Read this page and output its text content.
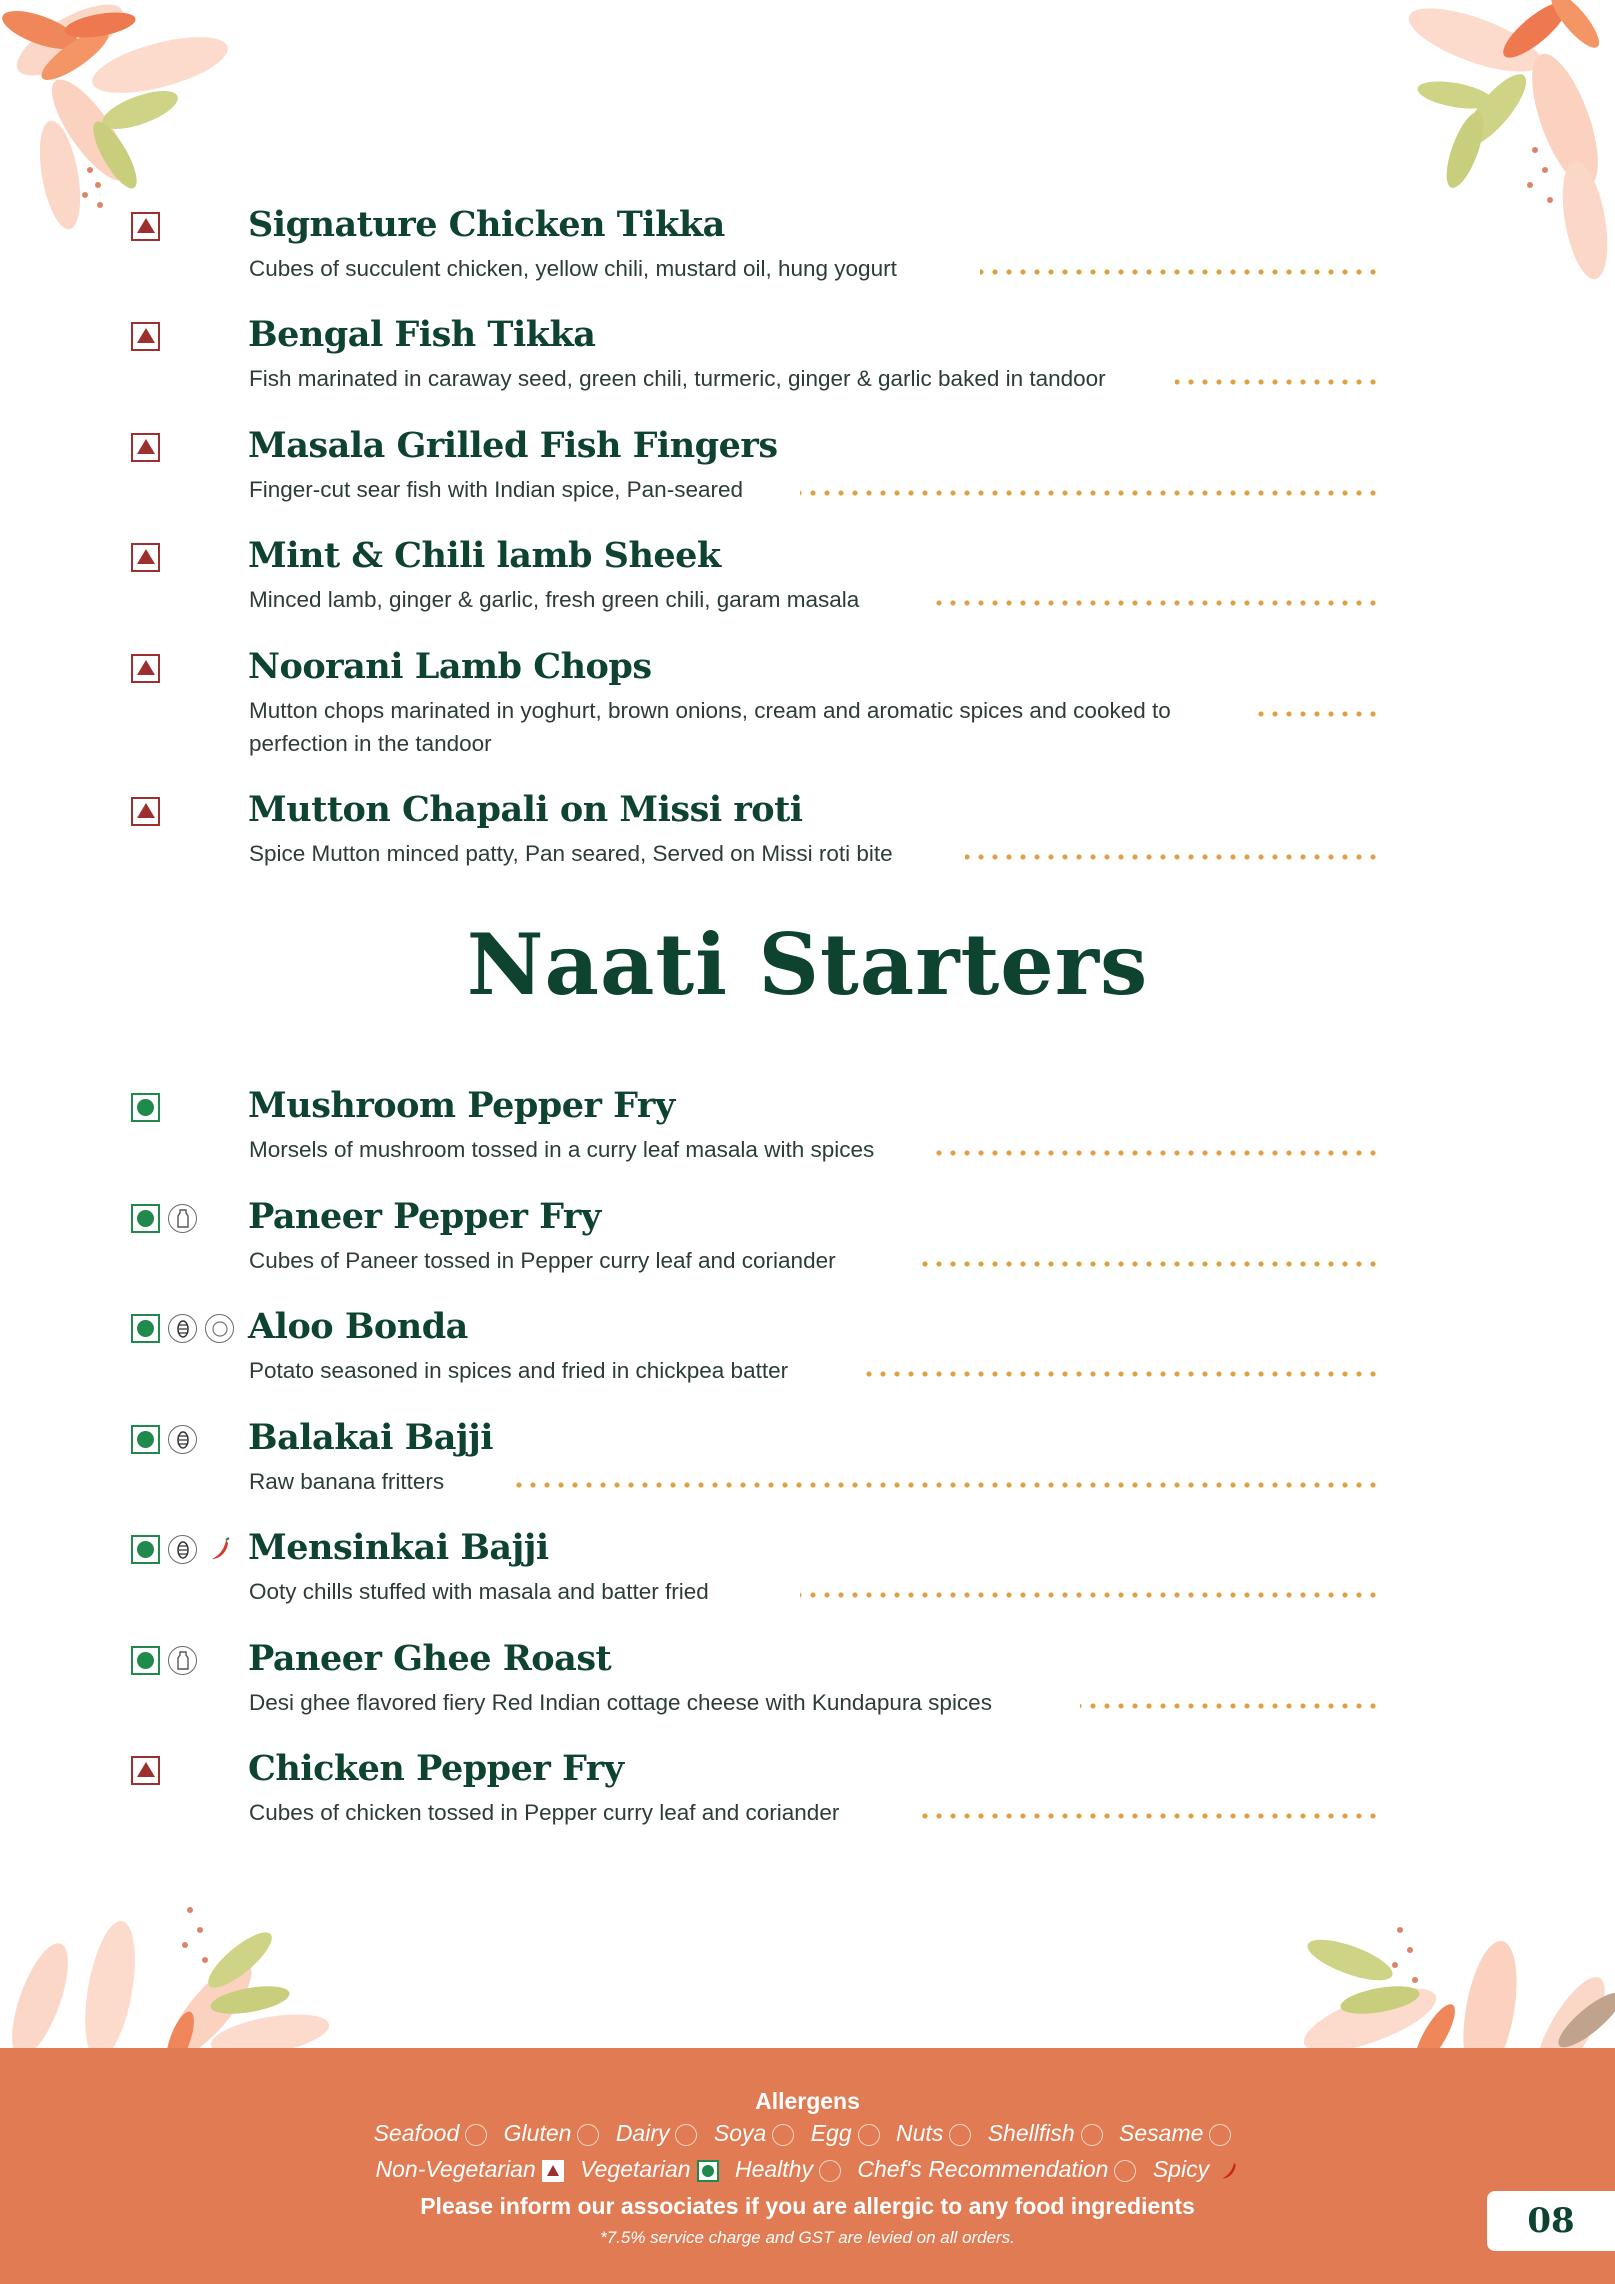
Signature Chicken Tikka
Cubes of succulent chicken, yellow chili, mustard oil, hung yogurt
Bengal Fish Tikka
Fish marinated in caraway seed, green chili, turmeric, ginger & garlic baked in tandoor
Masala Grilled Fish Fingers
Finger-cut sear fish with Indian spice, Pan-seared
Mint & Chili lamb Sheek
Minced lamb, ginger & garlic, fresh green chili, garam masala
Noorani Lamb Chops
Mutton chops marinated in yoghurt, brown onions, cream and aromatic spices and cooked to perfection in the tandoor
Mutton Chapali on Missi roti
Spice Mutton minced patty, Pan seared, Served on Missi roti bite
Naati Starters
Mushroom Pepper Fry
Morsels of mushroom tossed in a curry leaf masala with spices
Paneer Pepper Fry
Cubes of Paneer tossed in Pepper curry leaf and coriander
Aloo Bonda
Potato seasoned in spices and fried in chickpea batter
Balakai Bajji
Raw banana fritters
Mensinkai Bajji
Ooty chills stuffed with masala and batter fried
Paneer Ghee Roast
Desi ghee flavored fiery Red Indian cottage cheese with Kundapura spices
Chicken Pepper Fry
Cubes of chicken tossed in Pepper curry leaf and coriander
Allergens
Seafood Gluten Dairy Soya Egg Nuts Shellfish Sesame
Non-Vegetarian Vegetarian Healthy Chef's Recommendation Spicy
Please inform our associates if you are allergic to any food ingredients
*7.5% service charge and GST are levied on all orders.	08
